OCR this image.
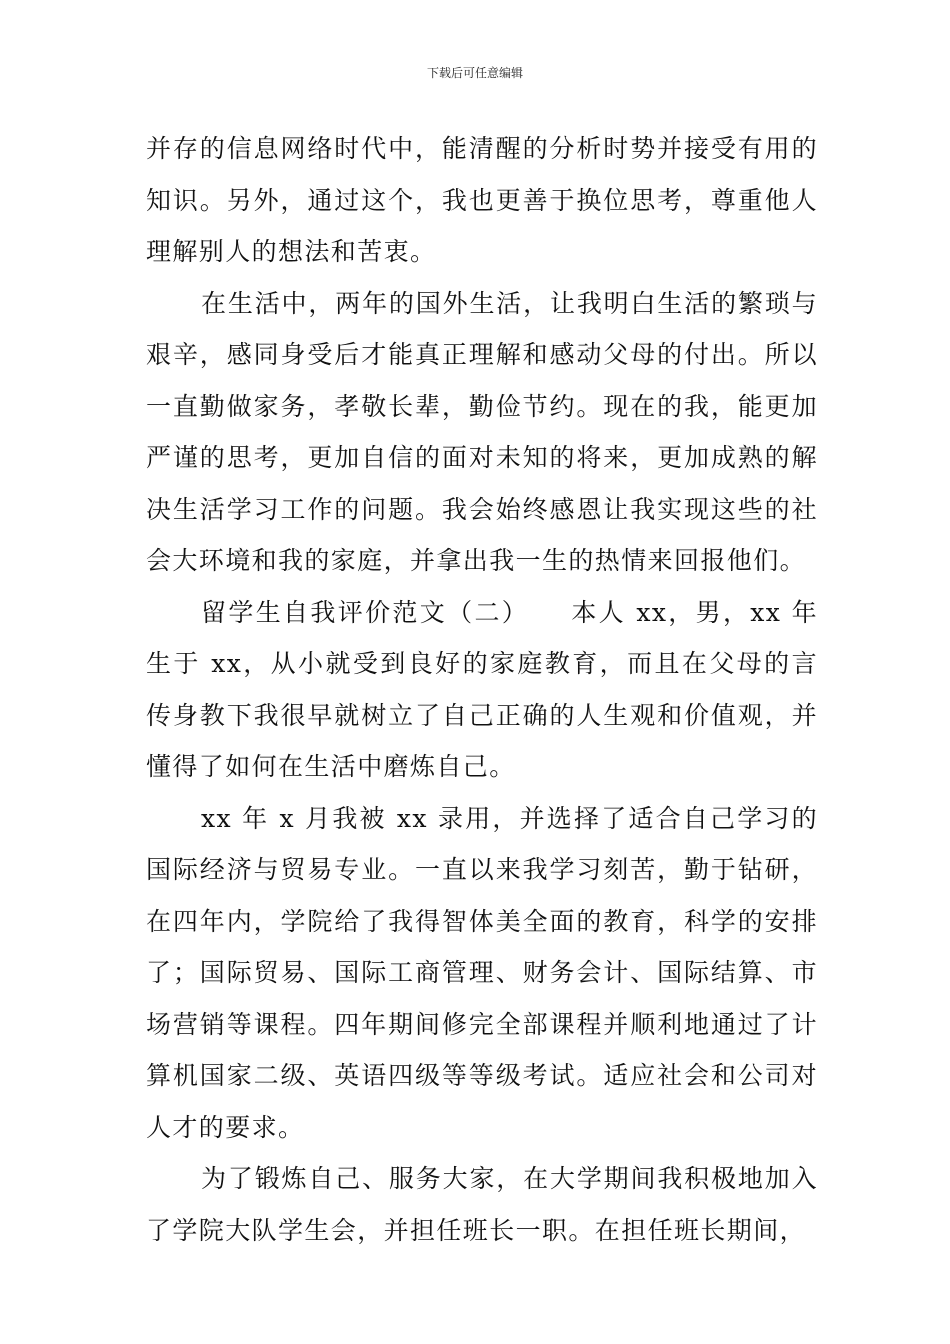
下载后可任意编辑

并存的信息网络时代中，能清醒的分析时势并接受有用的知识。另外，通过这个，我也更善于换位思考，尊重他人理解别人的想法和苦衷。

在生活中，两年的国外生活，让我明白生活的繁琐与艰辛，感同身受后才能真正理解和感动父母的付出。所以一直勤做家务，孝敬长辈，勤俭节约。现在的我，能更加严谨的思考，更加自信的面对未知的将来，更加成熟的解决生活学习工作的问题。我会始终感恩让我实现这些的社会大环境和我的家庭，并拿出我一生的热情来回报他们。

留学生自我评价范文（二）　　本人 xx，男，xx 年生于 xx，从小就受到良好的家庭教育，而且在父母的言传身教下我很早就树立了自己正确的人生观和价值观，并懂得了如何在生活中磨炼自己。

xx 年 x 月我被 xx 录用，并选择了适合自己学习的国际经济与贸易专业。一直以来我学习刻苦，勤于钻研，在四年内，学院给了我得智体美全面的教育，科学的安排了；国际贸易、国际工商管理、财务会计、国际结算、市场营销等课程。四年期间修完全部课程并顺利地通过了计算机国家二级、英语四级等等级考试。适应社会和公司对人才的要求。

为了锻炼自己、服务大家，在大学期间我积极地加入了学院大队学生会，并担任班长一职。在担任班长期间，
